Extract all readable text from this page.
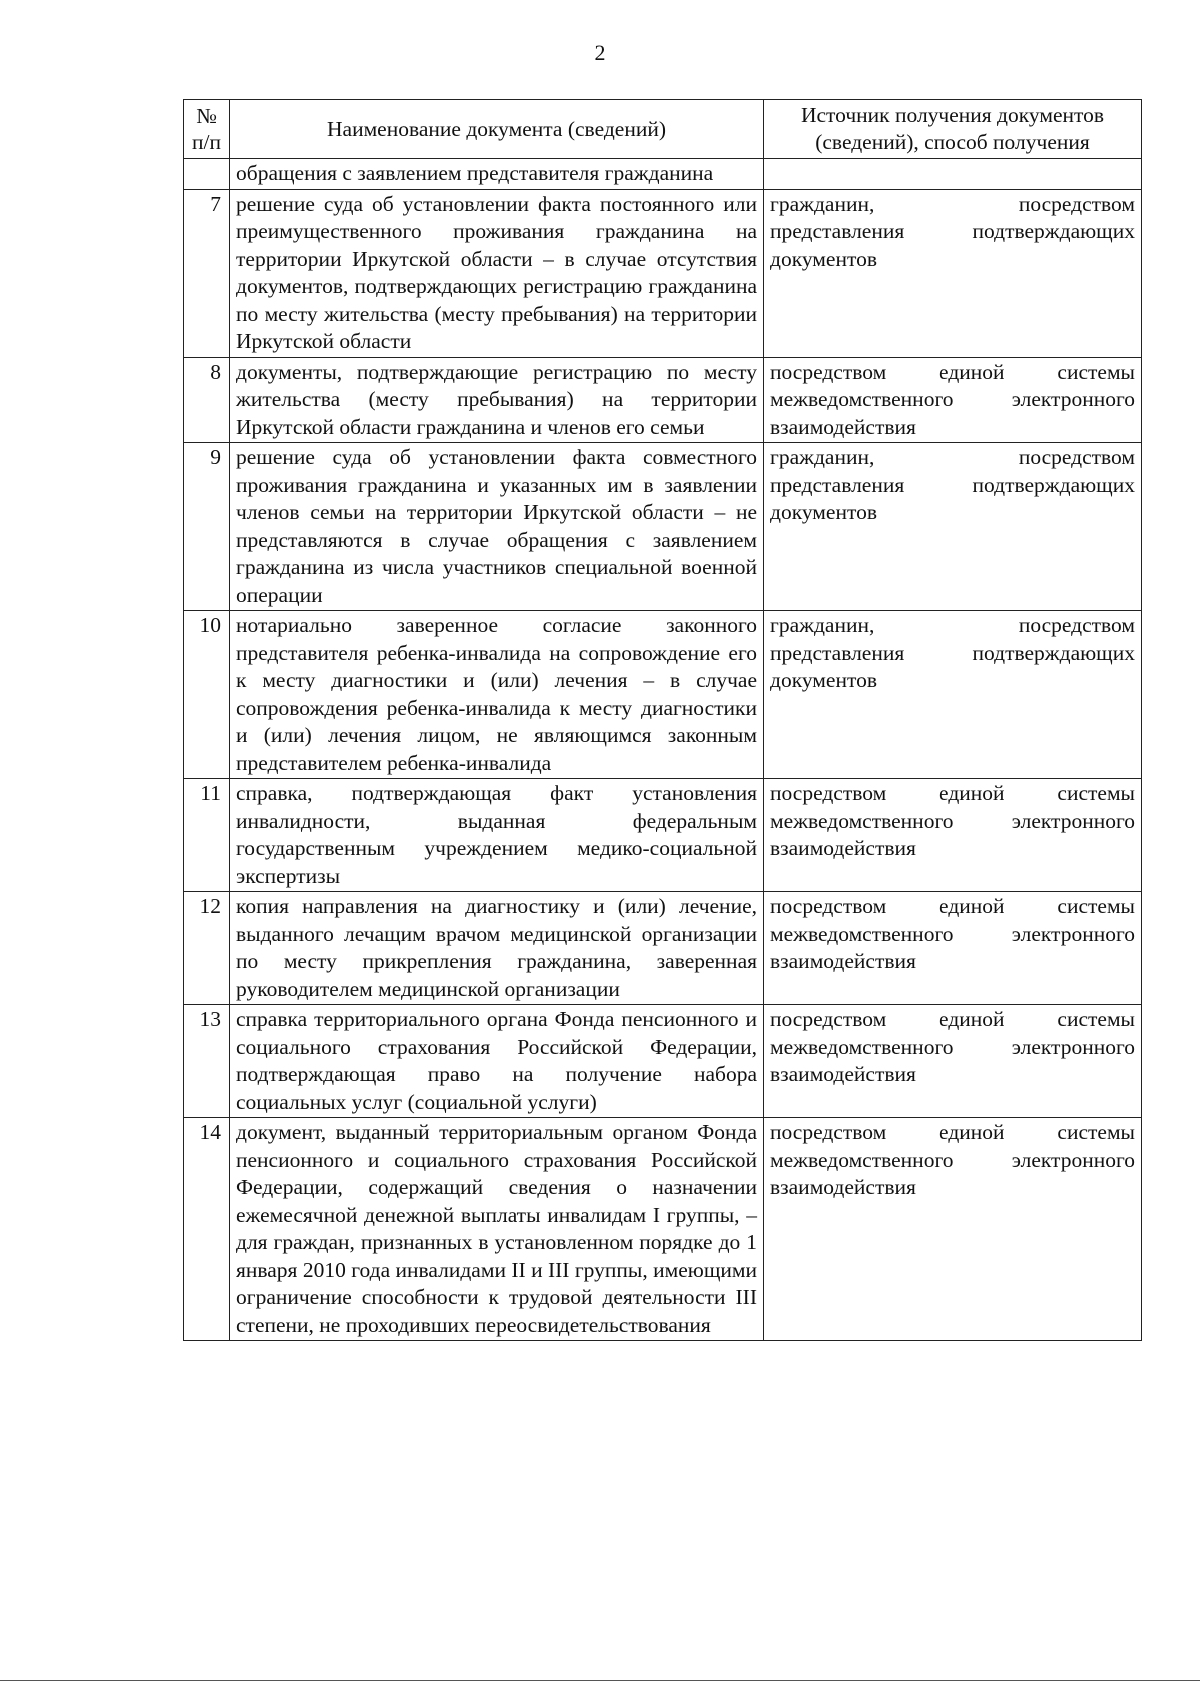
2
№ п/п	Наименование документа (сведений)	Источник получения документов (сведений), способ получения
	обращения с заявлением представителя гражданина	
7	решение суда об установлении факта постоянного или преимущественного проживания гражданина на территории Иркутской области – в случае отсутствия документов, подтверждающих регистрацию гражданина по месту жительства (месту пребывания) на территории Иркутской области	гражданин, посредством представления подтверждающих документов
8	документы, подтверждающие регистрацию по месту жительства (месту пребывания) на территории Иркутской области гражданина и членов его семьи	посредством единой системы межведомственного электронного взаимодействия
9	решение суда об установлении факта совместного проживания гражданина и указанных им в заявлении членов семьи на территории Иркутской области – не представляются в случае обращения с заявлением гражданина из числа участников специальной военной операции	гражданин, посредством представления подтверждающих документов
10	нотариально заверенное согласие законного представителя ребенка-инвалида на сопровождение его к месту диагностики и (или) лечения – в случае сопровождения ребенка-инвалида к месту диагностики и (или) лечения лицом, не являющимся законным представителем ребенка-инвалида	гражданин, посредством представления подтверждающих документов
11	справка, подтверждающая факт установления инвалидности, выданная федеральным государственным учреждением медико-социальной экспертизы	посредством единой системы межведомственного электронного взаимодействия
12	копия направления на диагностику и (или) лечение, выданного лечащим врачом медицинской организации по месту прикрепления гражданина, заверенная руководителем медицинской организации	посредством единой системы межведомственного электронного взаимодействия
13	справка территориального органа Фонда пенсионного и социального страхования Российской Федерации, подтверждающая право на получение набора социальных услуг (социальной услуги)	посредством единой системы межведомственного электронного взаимодействия
14	документ, выданный территориальным органом Фонда пенсионного и социального страхования Российской Федерации, содержащий сведения о назначении ежемесячной денежной выплаты инвалидам I группы, – для граждан, признанных в установленном порядке до 1 января 2010 года инвалидами II и III группы, имеющими ограничение способности к трудовой деятельности III степени, не проходивших переосвидетельствования	посредством единой системы межведомственного электронного взаимодействия
